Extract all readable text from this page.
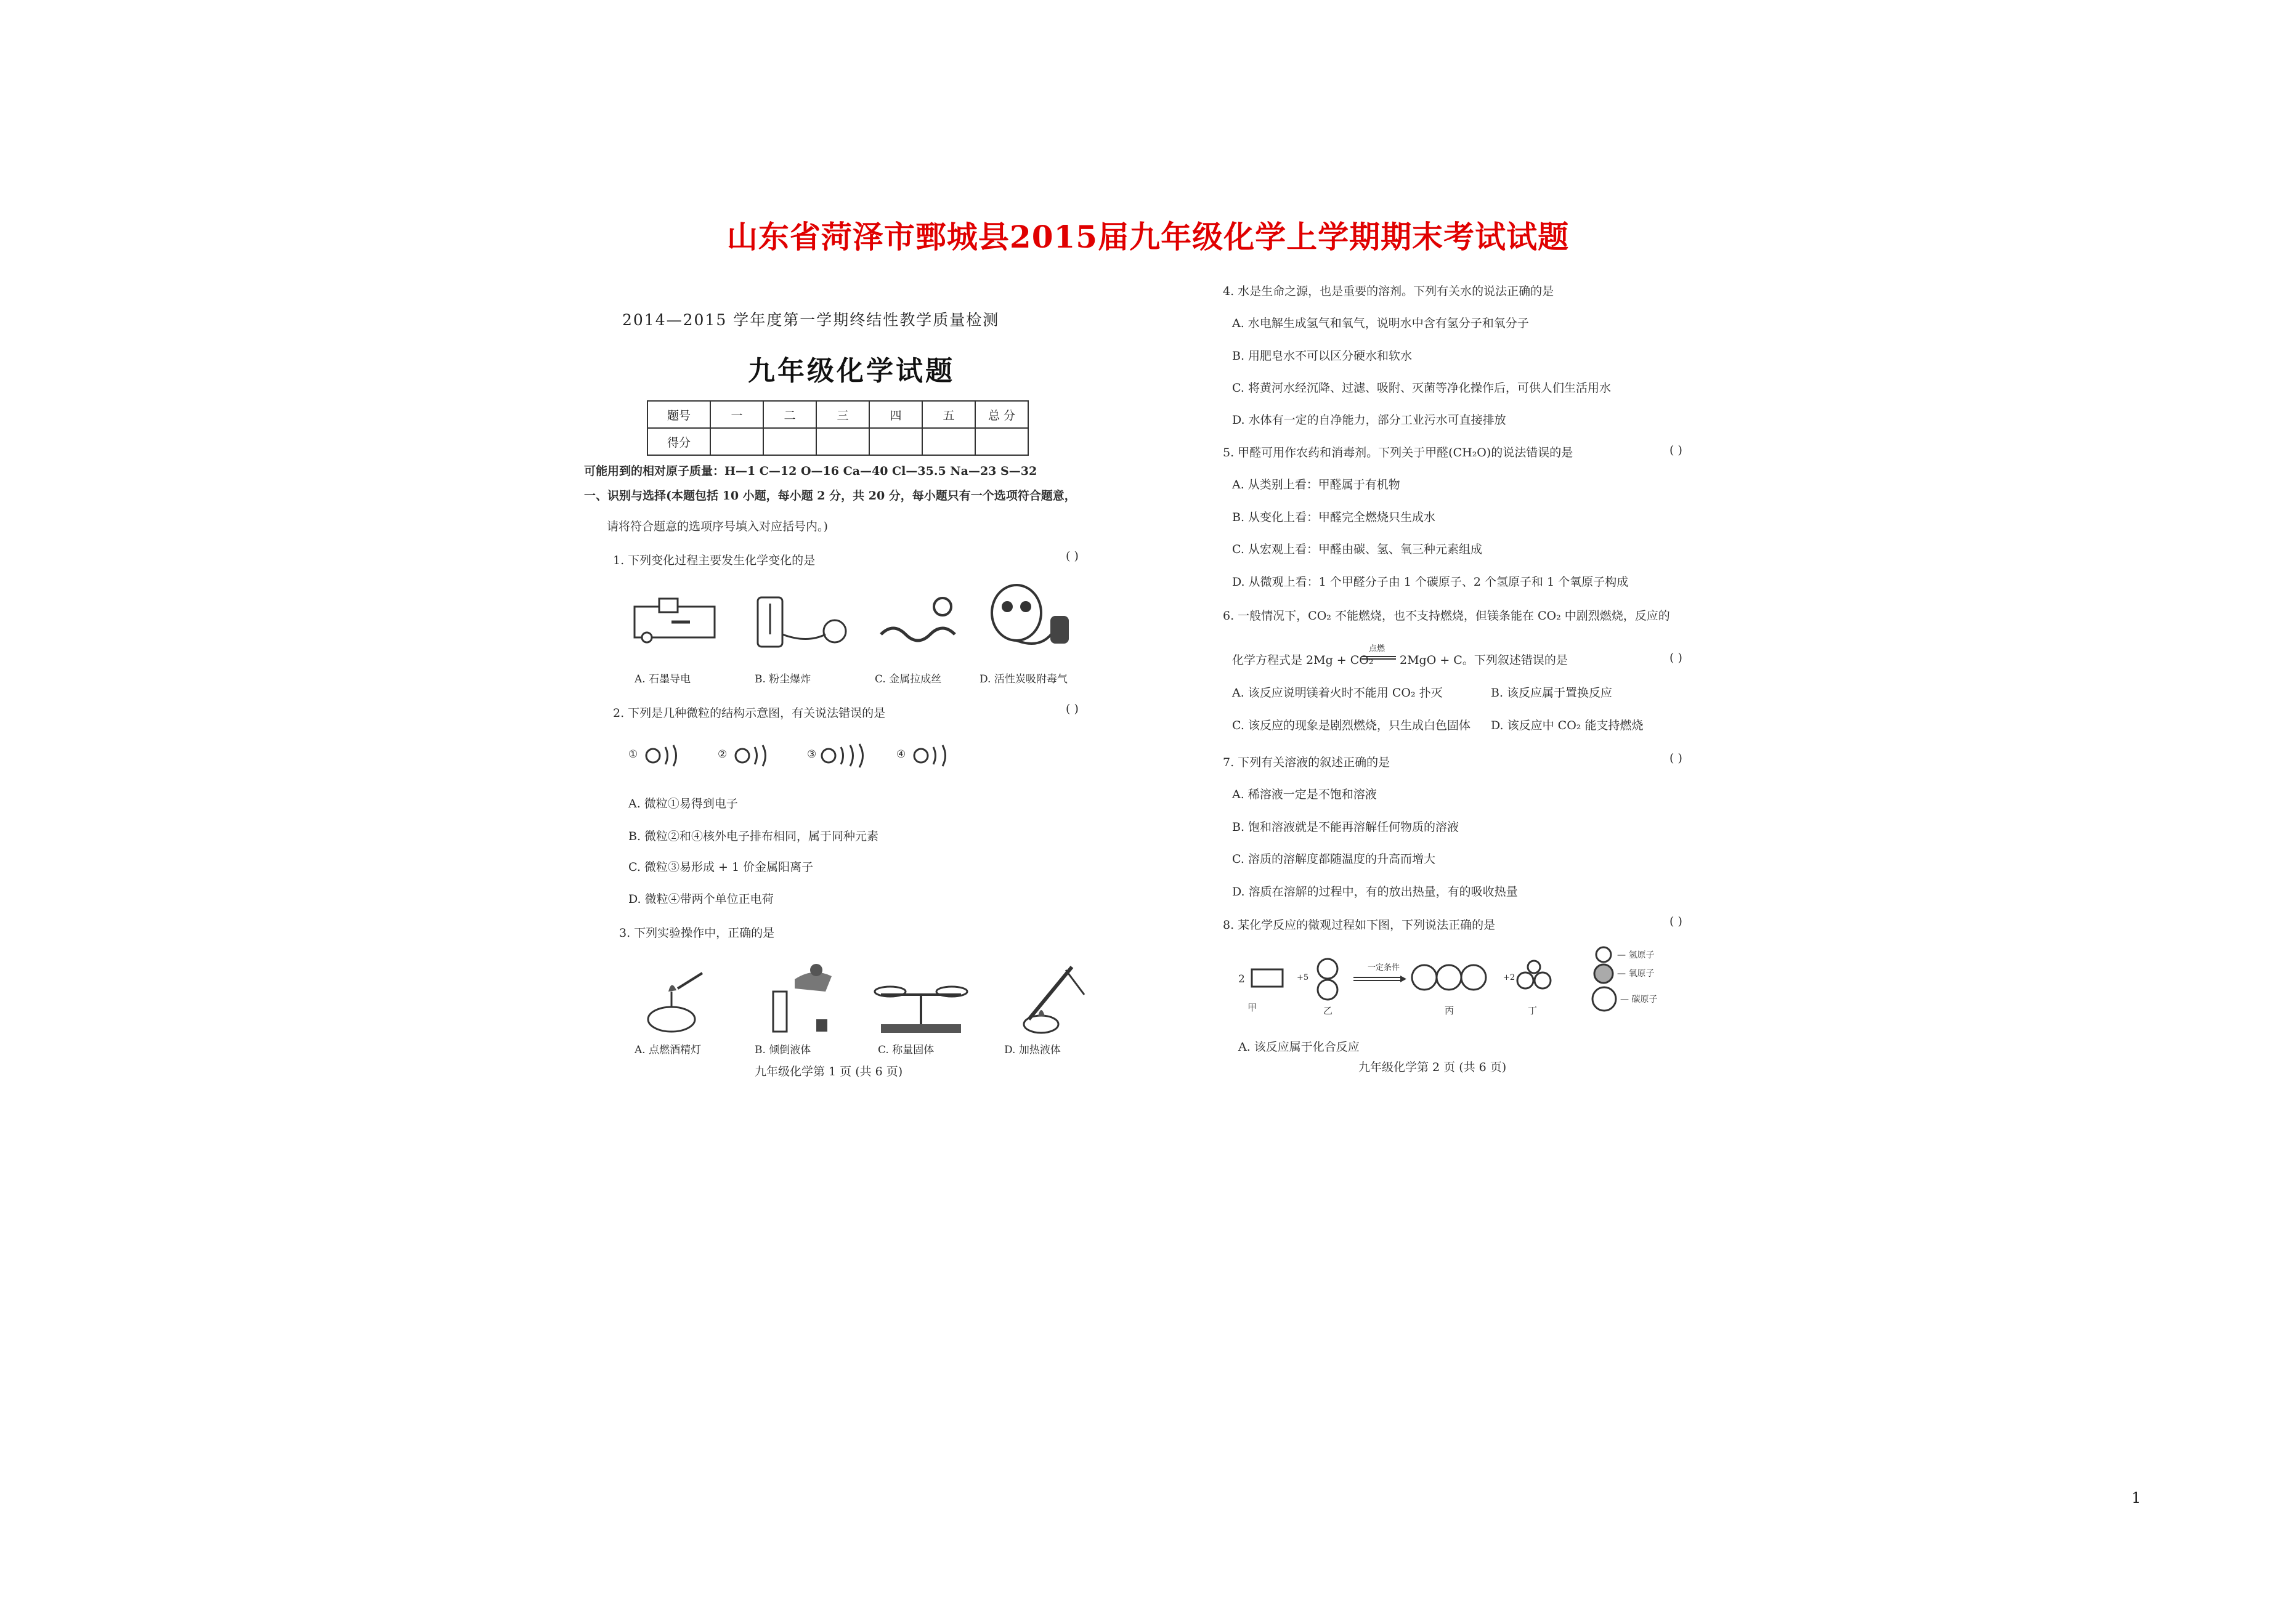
山东省菏泽市鄄城县2015届九年级化学上学期期末考试试题
2014—2015 学年度第一学期终结性教学质量检测
九年级化学试题
题号	一	二	三	四	五	总 分
得分						
可能用到的相对原子质量：H—1 C—12 O—16 Ca—40 Cl—35.5 Na—23 S—32
一、识别与选择(本题包括 10 小题，每小题 2 分，共 20 分，每小题只有一个选项符合题意，
请将符合题意的选项序号填入对应括号内。)
1. 下列变化过程主要发生化学变化的是	( )
A. 石墨导电	B. 粉尘爆炸	C. 金属拉成丝	D. 活性炭吸附毒气
2. 下列是几种微粒的结构示意图，有关说法错误的是	( )
①	②	③	④
A. 微粒①易得到电子
B. 微粒②和④核外电子排布相同，属于同种元素
C. 微粒③易形成 + 1 价金属阳离子
D. 微粒④带两个单位正电荷
3. 下列实验操作中，正确的是
A. 点燃酒精灯	B. 倾倒液体	C. 称量固体	D. 加热液体
九年级化学第 1 页 (共 6 页)
4. 水是生命之源，也是重要的溶剂。下列有关水的说法正确的是
A. 水电解生成氢气和氧气，说明水中含有氢分子和氧分子
B. 用肥皂水不可以区分硬水和软水
C. 将黄河水经沉降、过滤、吸附、灭菌等净化操作后，可供人们生活用水
D. 水体有一定的自净能力，部分工业污水可直接排放
5. 甲醛可用作农药和消毒剂。下列关于甲醛(CH₂O)的说法错误的是	( )
A. 从类别上看：甲醛属于有机物
B. 从变化上看：甲醛完全燃烧只生成水
C. 从宏观上看：甲醛由碳、氢、氧三种元素组成
D. 从微观上看：1 个甲醛分子由 1 个碳原子、2 个氢原子和 1 个氧原子构成
6. 一般情况下，CO₂ 不能燃烧，也不支持燃烧，但镁条能在 CO₂ 中剧烈燃烧，反应的
化学方程式是 2Mg + CO₂
点燃
2MgO + C。下列叙述错误的是	( )
A. 该反应说明镁着火时不能用 CO₂ 扑灭	B. 该反应属于置换反应
C. 该反应的现象是剧烈燃烧，只生成白色固体 D. 该反应中 CO₂ 能支持燃烧
7. 下列有关溶液的叙述正确的是	( )
A. 稀溶液一定是不饱和溶液
B. 饱和溶液就是不能再溶解任何物质的溶液
C. 溶质的溶解度都随温度的升高而增大
D. 溶质在溶解的过程中，有的放出热量，有的吸收热量
8. 某化学反应的微观过程如下图，下列说法正确的是	( )
2	+5
一定条件
+2
甲	乙	丙	丁
— 氢原子
— 氧原子
— 碳原子
A. 该反应属于化合反应
九年级化学第 2 页 (共 6 页)
1
